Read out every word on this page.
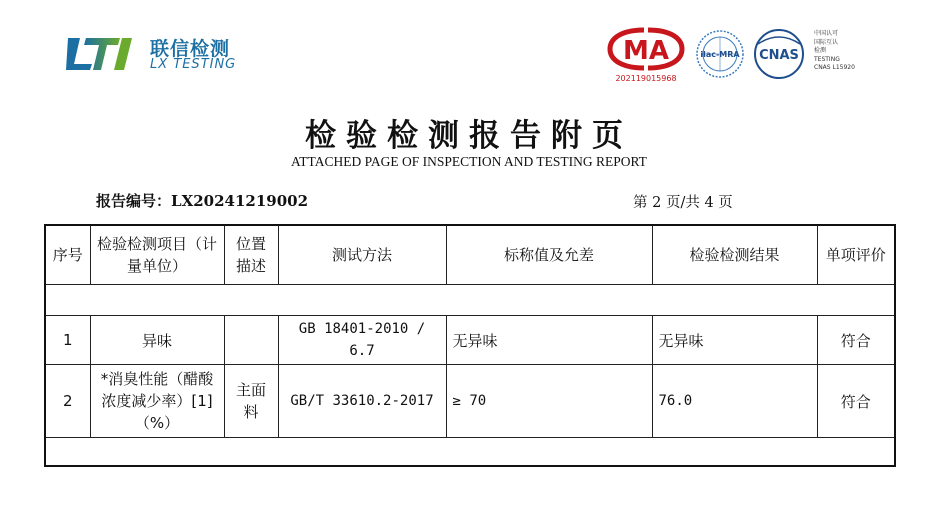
联信检测
LX TESTING	MA
202119015968
ilac-MRA CNAS
中国认可
国际互认
检测
TESTING
CNAS L15920
检验检测报告附页
ATTACHED PAGE OF INSPECTION AND TESTING REPORT
报告编号：LX20241219002	第 2 页/共 4 页
序号	检验检测项目（计量单位）	位置描述	测试方法	标称值及允差	检验检测结果	单项评价

1	异味		GB 18401-2010 / 6.7	无异味	无异味	符合
2	*消臭性能（醋酸浓度减少率）[1]（%）	主面料	GB/T 33610.2-2017	≥ 70	76.0	符合
